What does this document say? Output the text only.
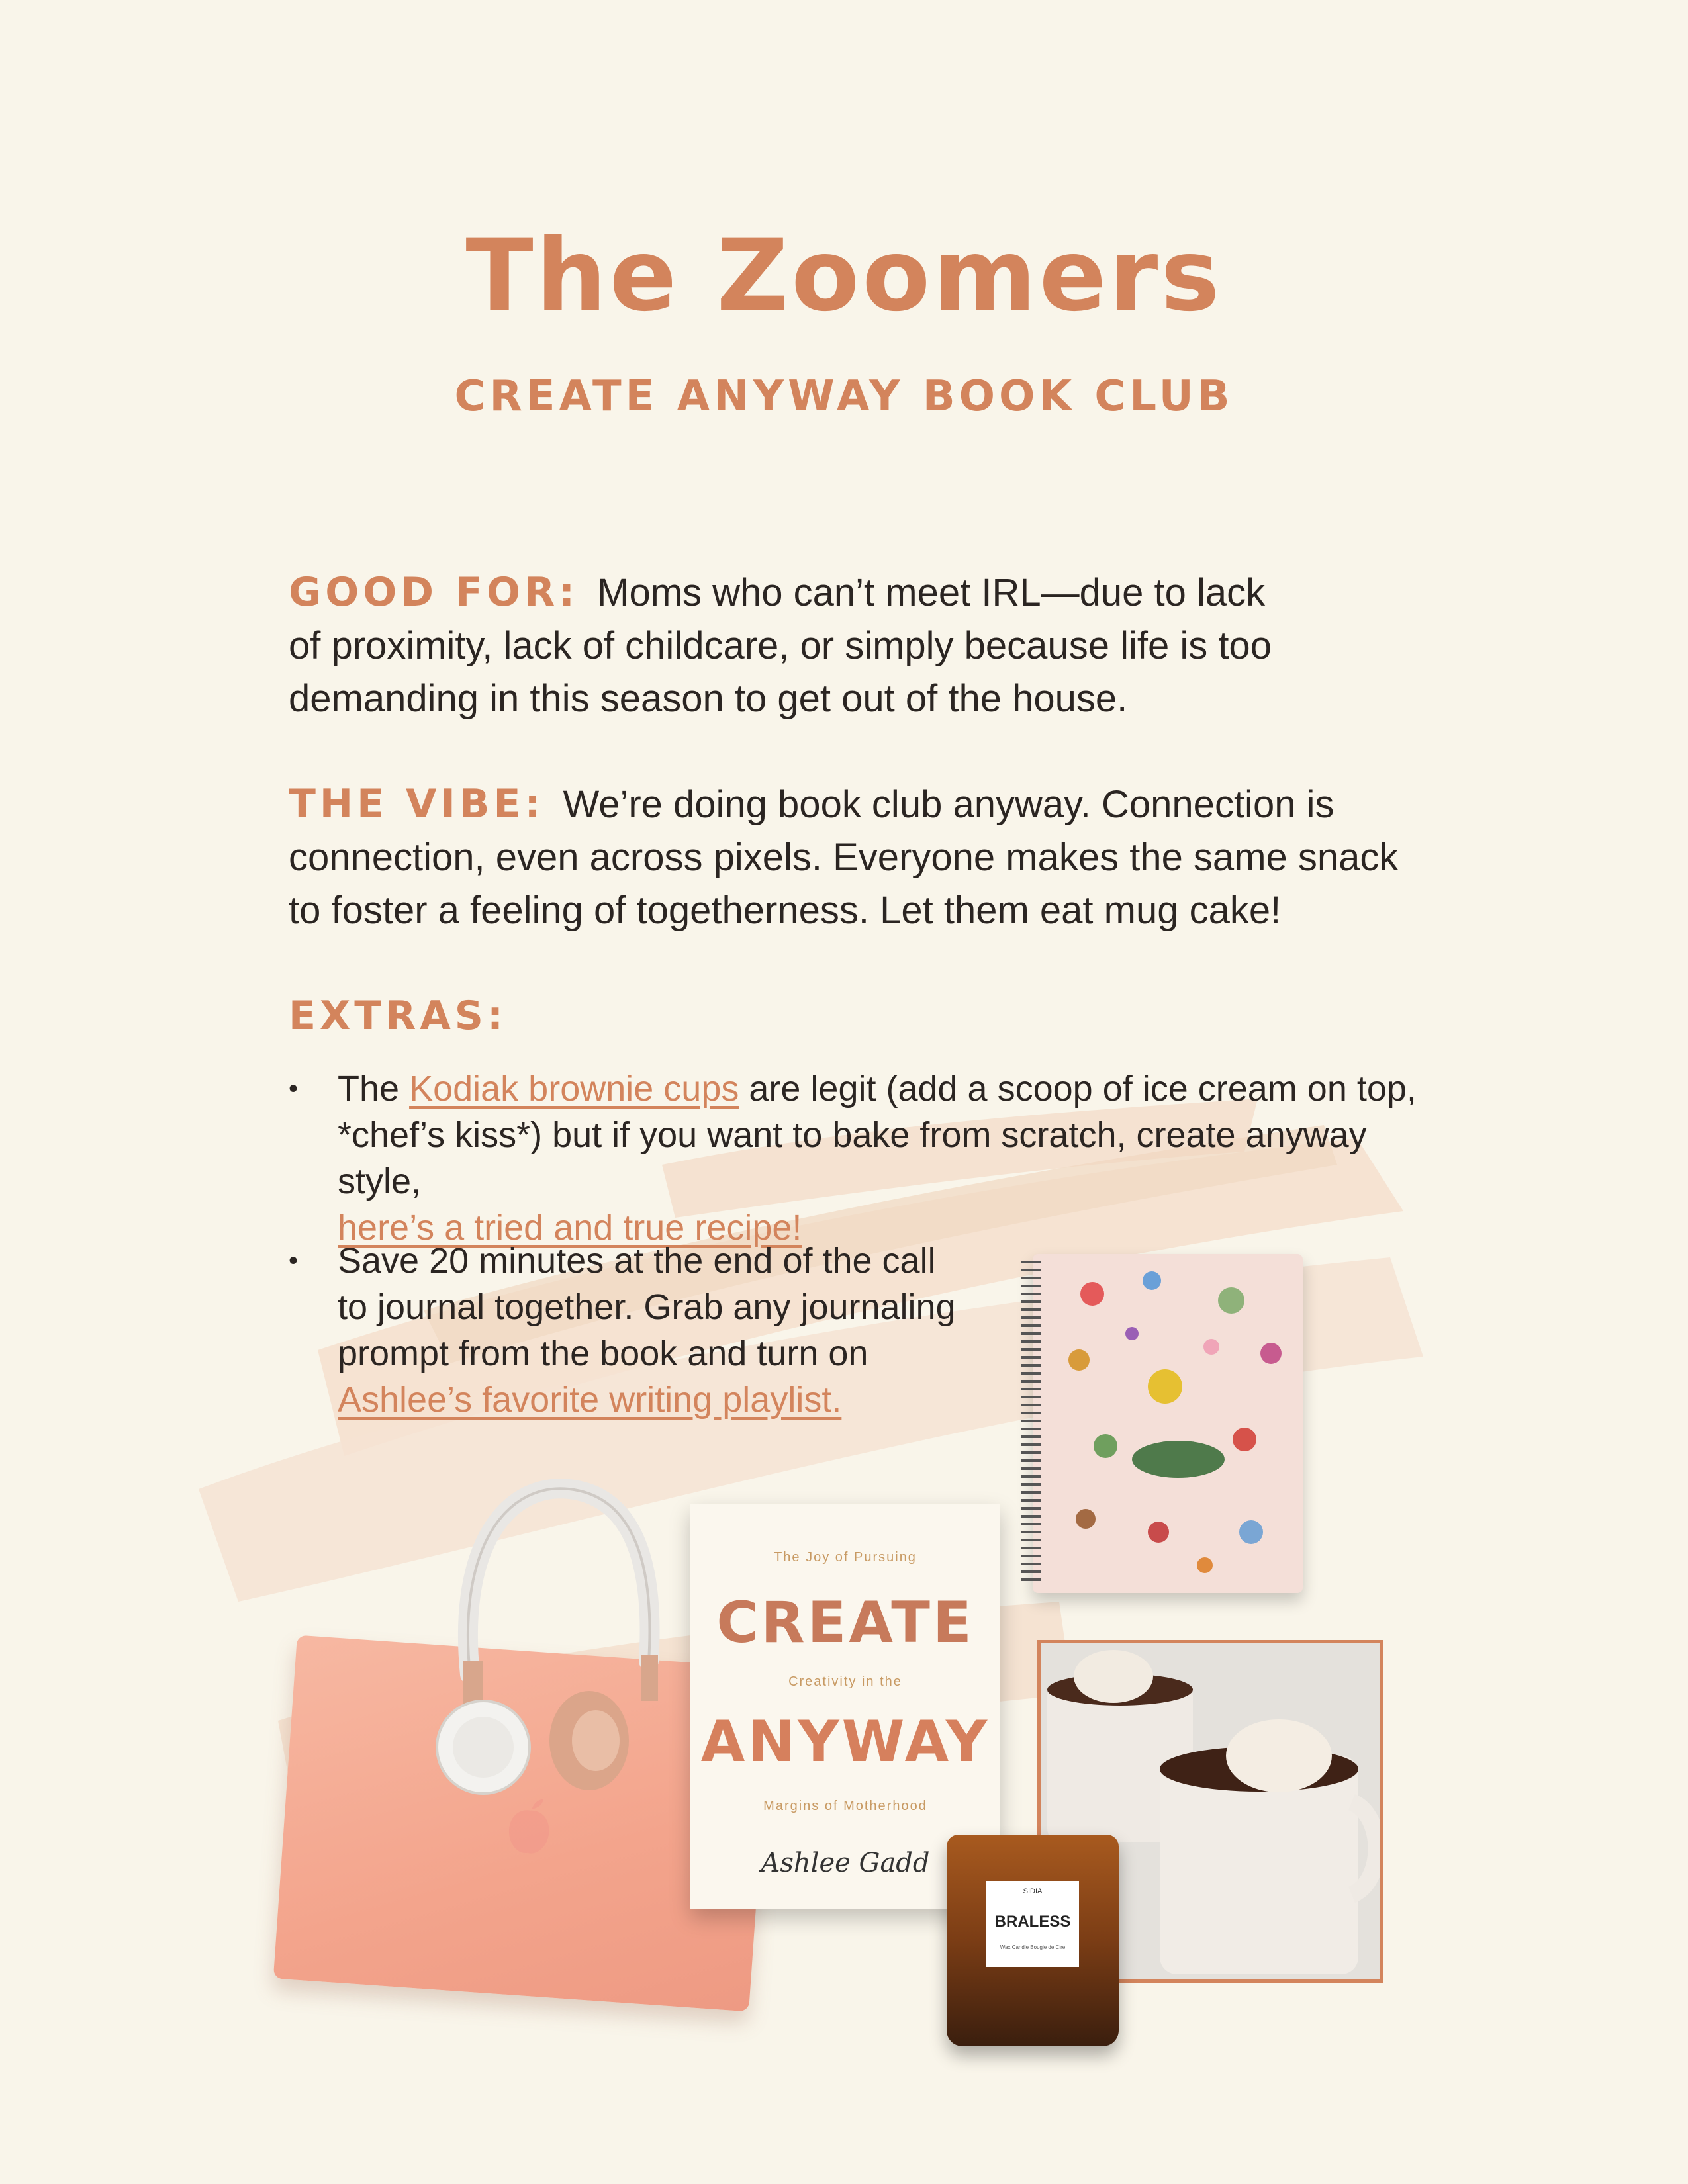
The Zoomers
CREATE ANYWAY BOOK CLUB
GOOD FOR: Moms who can’t meet IRL—due to lack
of proximity, lack of childcare, or simply because life is too
demanding in this season to get out of the house.
THE VIBE: We’re doing book club anyway. Connection is
connection, even across pixels. Everyone makes the same snack
to foster a feeling of togetherness. Let them eat mug cake!
EXTRAS:
• The Kodiak brownie cups are legit (add a scoop of ice cream on top,
*chef’s kiss*) but if you want to bake from scratch, create anyway style,
here’s a tried and true recipe!
• Save 20 minutes at the end of the call
to journal together. Grab any journaling
prompt from the book and turn on
Ashlee’s favorite writing playlist.
The Joy of Pursuing
CREATE
Creativity in the
ANYWAY
Margins of Motherhood
Ashlee Gadd
SIDIA
BRALESS
Wax Candle Bougie de Cire
